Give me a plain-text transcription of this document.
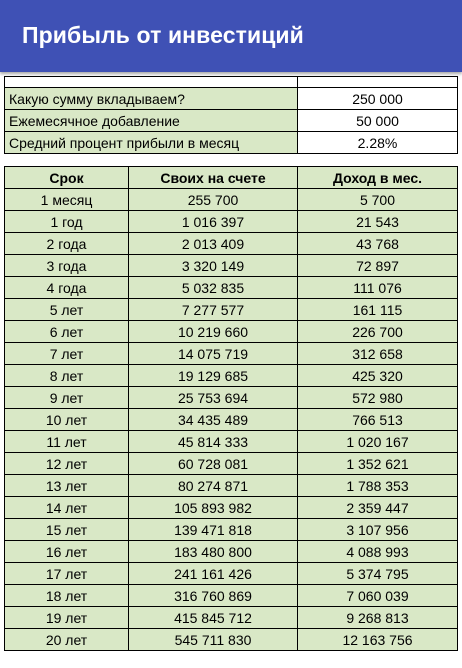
Прибыль от инвестиций

Какую сумму вкладываем?	250 000
Ежемесячное добавление	50 000
Средний процент прибыли в месяц	2.28%
Срок	Своих на счете	Доход в мес.
1 месяц	255 700	5 700
1 год	1 016 397	21 543
2 года	2 013 409	43 768
3 года	3 320 149	72 897
4 года	5 032 835	111 076
5 лет	7 277 577	161 115
6 лет	10 219 660	226 700
7 лет	14 075 719	312 658
8 лет	19 129 685	425 320
9 лет	25 753 694	572 980
10 лет	34 435 489	766 513
11 лет	45 814 333	1 020 167
12 лет	60 728 081	1 352 621
13 лет	80 274 871	1 788 353
14 лет	105 893 982	2 359 447
15 лет	139 471 818	3 107 956
16 лет	183 480 800	4 088 993
17 лет	241 161 426	5 374 795
18 лет	316 760 869	7 060 039
19 лет	415 845 712	9 268 813
20 лет	545 711 830	12 163 756
